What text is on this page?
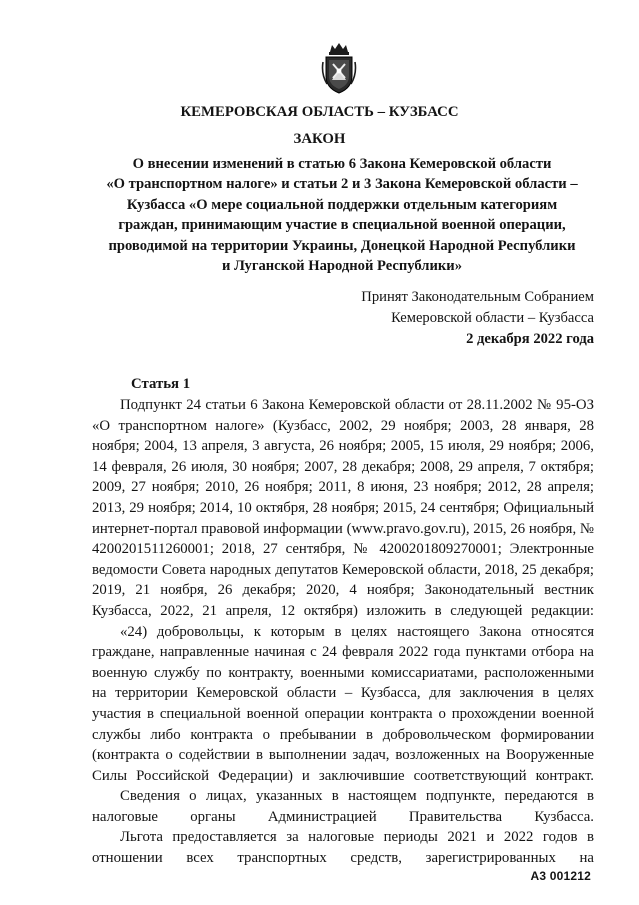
КЕМЕРОВСКАЯ ОБЛАСТЬ – КУЗБАСС
ЗАКОН
О внесении изменений в статью 6 Закона Кемеровской области
«О транспортном налоге» и статьи 2 и 3 Закона Кемеровской области –
Кузбасса «О мере социальной поддержки отдельным категориям
граждан, принимающим участие в специальной военной операции,
проводимой на территории Украины, Донецкой Народной Республики
и Луганской Народной Республики»
Принят Законодательным Собранием
Кемеровской области – Кузбасса
2 декабря 2022 года
Статья 1

Подпункт 24 статьи 6 Закона Кемеровской области от 28.11.2002 № 95-ОЗ «О транспортном налоге» (Кузбасс, 2002, 29 ноября; 2003, 28 января, 28 ноября; 2004, 13 апреля, 3 августа, 26 ноября; 2005, 15 июля, 29 ноября; 2006, 14 февраля, 26 июля, 30 ноября; 2007, 28 декабря; 2008, 29 апреля, 7 октября; 2009, 27 ноября; 2010, 26 ноября; 2011, 8 июня, 23 ноября; 2012, 28 апреля; 2013, 29 ноября; 2014, 10 октября, 28 ноября; 2015, 24 сентября; Официальный интернет-портал правовой информации (www.pravo.gov.ru), 2015, 26 ноября, № 4200201511260001; 2018, 27 сентября, № 4200201809270001; Электронные ведомости Совета народных депутатов Кемеровской области, 2018, 25 декабря; 2019, 21 ноября, 26 декабря; 2020, 4 ноября; Законодательный вестник Кузбасса, 2022, 21 апреля, 12 октября) изложить в следующей редакции:

«24) добровольцы, к которым в целях настоящего Закона относятся граждане, направленные начиная с 24 февраля 2022 года пунктами отбора на военную службу по контракту, военными комиссариатами, расположенными на территории Кемеровской области – Кузбасса, для заключения в целях участия в специальной военной операции контракта о прохождении военной службы либо контракта о пребывании в добровольческом формировании (контракта о содействии в выполнении задач, возложенных на Вооруженные Силы Российской Федерации) и заключившие соответствующий контракт.

Сведения о лицах, указанных в настоящем подпункте, передаются в налоговые органы Администрацией Правительства Кузбасса.

Льгота предоставляется за налоговые периоды 2021 и 2022 годов в отношении всех транспортных средств, зарегистрированных на

А3 001212
